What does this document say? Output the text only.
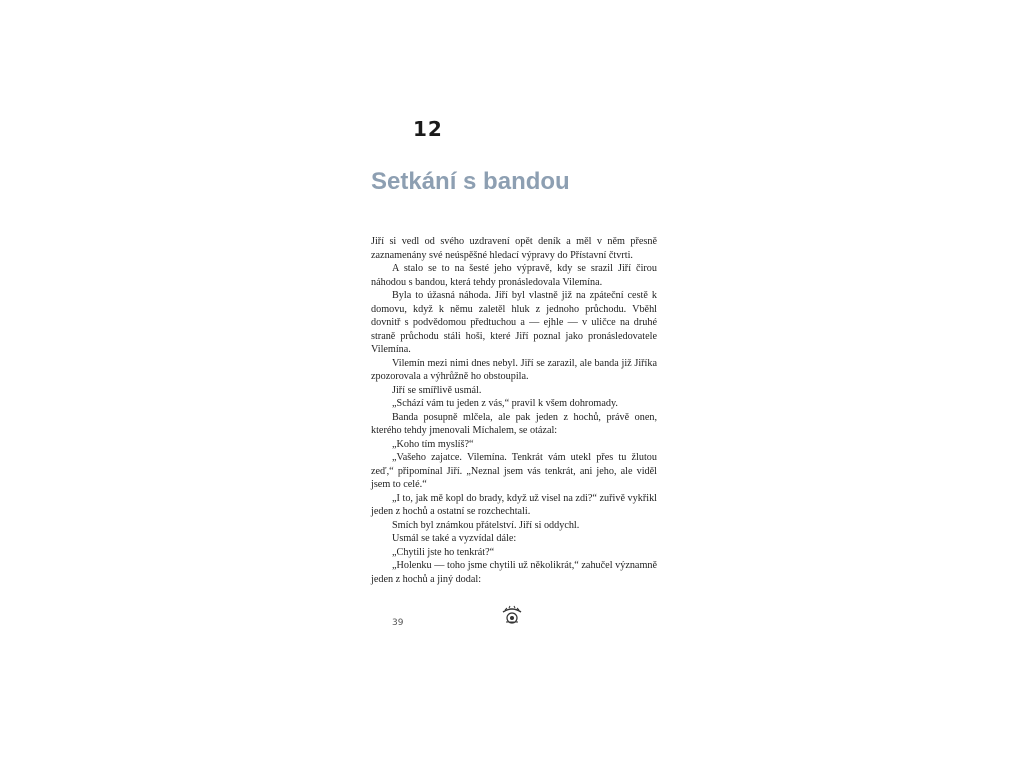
12
Setkání s bandou

Jiří si vedl od svého uzdravení opět deník a měl v něm přesně zaznamenány své neúspěšné hledací výpravy do Přístavní čtvrti.

A stalo se to na šesté jeho výpravě, kdy se srazil Jiří čirou náhodou s bandou, která tehdy pronásledovala Vilemína.

Byla to úžasná náhoda. Jiří byl vlastně již na zpáteční cestě k domovu, když k němu zaletěl hluk z jednoho průchodu. Vběhl dovnitř s podvědomou předtuchou a — ejhle — v uličce na druhé straně průchodu stáli hoši, které Jiří poznal jako pronásledovatele Vilemína.

Vilemín mezi nimi dnes nebyl. Jiří se zarazil, ale banda již Jiříka zpozorovala a výhrůžně ho obstoupila.

Jiří se smířlivě usmál.

„Schází vám tu jeden z vás,“ pravil k všem dohromady.

Banda posupně mlčela, ale pak jeden z hochů, právě onen, kterého tehdy jmenovali Míchalem, se otázal:

„Koho tím myslíš?“

„Vašeho zajatce. Vilemína. Tenkrát vám utekl přes tu žlutou zeď,“ připomínal Jiří. „Neznal jsem vás tenkrát, ani jeho, ale viděl jsem to celé.“

„I to, jak mě kopl do brady, když už visel na zdi?“ zuřivě vykřikl jeden z hochů a ostatní se rozchechtali.

Smích byl známkou přátelství. Jiří si oddychl.

Usmál se také a vyzvídal dále:

„Chytili jste ho tenkrát?“

„Holenku — toho jsme chytili už několikrát,“ zahučel významně jeden z hochů a jiný dodal:

39
